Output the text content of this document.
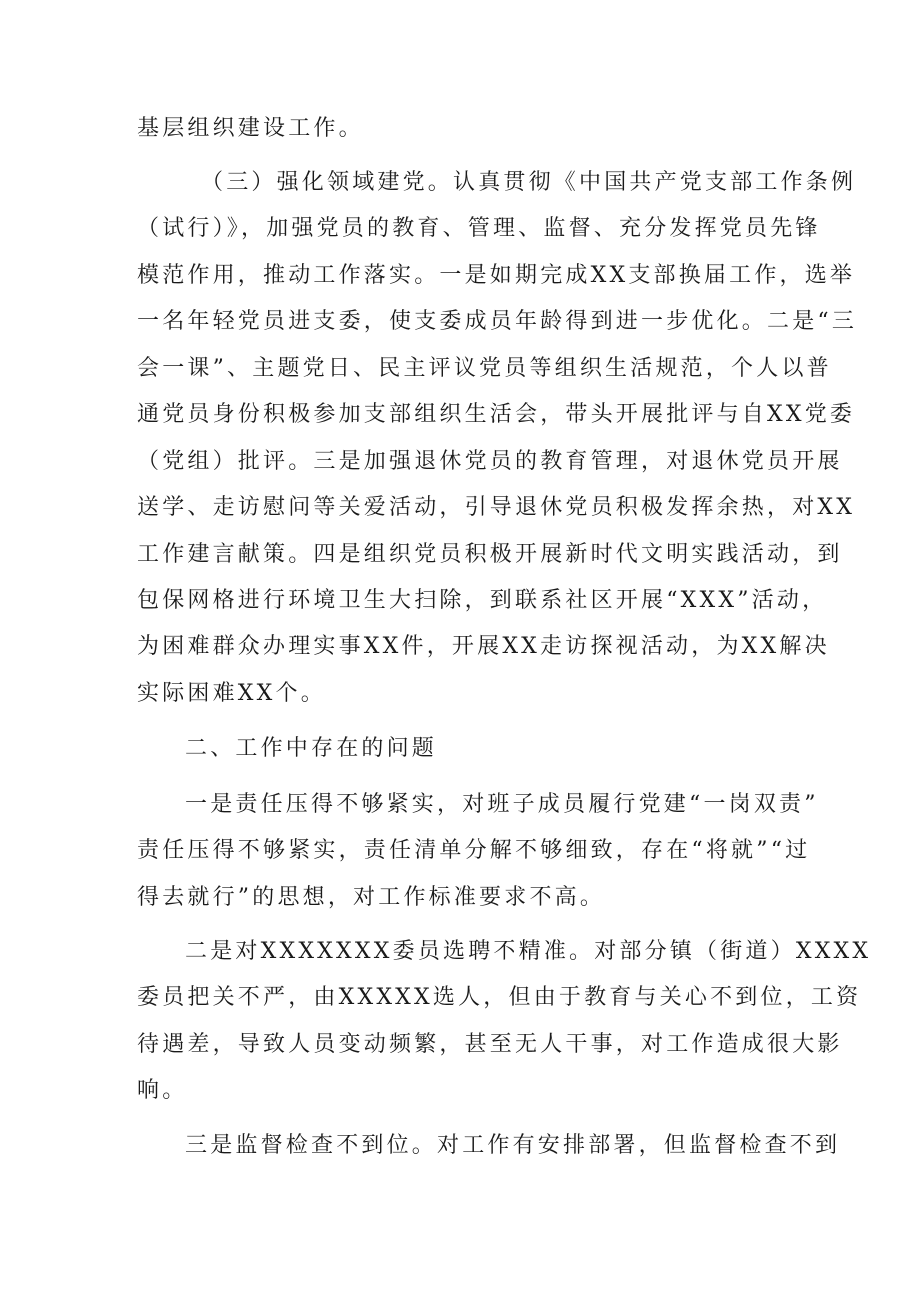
基层组织建设工作。
（三）强化领域建党。认真贯彻《中国共产党支部工作条例
（试行）》，加强党员的教育、管理、监督、充分发挥党员先锋
模范作用，推动工作落实。一是如期完成XX支部换届工作，选举
一名年轻党员进支委，使支委成员年龄得到进一步优化。二是“三
会一课”、主题党日、民主评议党员等组织生活规范，个人以普
通党员身份积极参加支部组织生活会，带头开展批评与自XX党委
（党组）批评。三是加强退休党员的教育管理，对退休党员开展
送学、走访慰问等关爱活动，引导退休党员积极发挥余热，对XX
工作建言献策。四是组织党员积极开展新时代文明实践活动，到
包保网格进行环境卫生大扫除，到联系社区开展“XXX”活动，
为困难群众办理实事XX件，开展XX走访探视活动，为XX解决
实际困难XX个。
二、工作中存在的问题
一是责任压得不够紧实，对班子成员履行党建“一岗双责”
责任压得不够紧实，责任清单分解不够细致，存在“将就”“过
得去就行”的思想，对工作标准要求不高。
二是对XXXXXXX委员选聘不精准。对部分镇（街道）XXXX
委员把关不严，由XXXXX选人，但由于教育与关心不到位，工资
待遇差，导致人员变动频繁，甚至无人干事，对工作造成很大影
响。
三是监督检查不到位。对工作有安排部署，但监督检查不到
